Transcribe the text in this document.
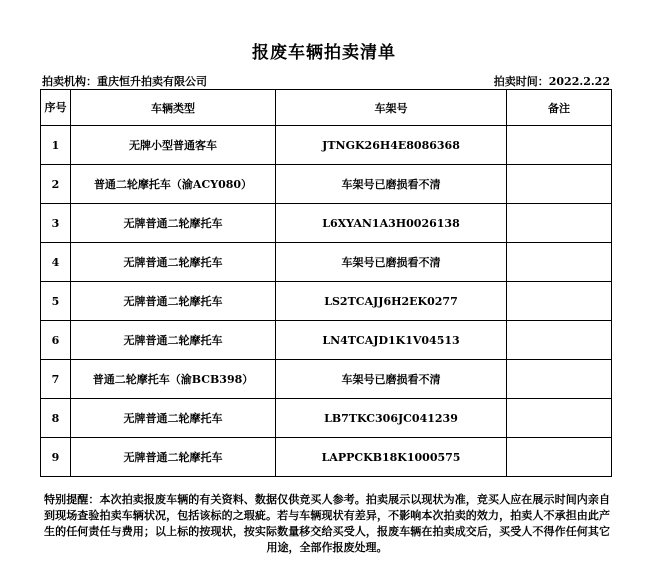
报废车辆拍卖清单
拍卖机构：重庆恒升拍卖有限公司	拍卖时间：2022.2.22
序号	车辆类型	车架号	备注
1	无牌小型普通客车	JTNGK26H4E8086368	
2	普通二轮摩托车（渝ACY080）	车架号已磨损看不清	
3	无牌普通二轮摩托车	L6XYAN1A3H0026138	
4	无牌普通二轮摩托车	车架号已磨损看不清	
5	无牌普通二轮摩托车	LS2TCAJJ6H2EK0277	
6	无牌普通二轮摩托车	LN4TCAJD1K1V04513	
7	普通二轮摩托车（渝BCB398）	车架号已磨损看不清	
8	无牌普通二轮摩托车	LB7TKC306JC041239	
9	无牌普通二轮摩托车	LAPPCKB18K1000575	
特别提醒：本次拍卖报废车辆的有关资料、数据仅供竞买人参考。拍卖展示以现状为准，竞买人应在展示时间内亲自到现场查验拍卖车辆状况，包括该标的之瑕疵。若与车辆现状有差异，不影响本次拍卖的效力，拍卖人不承担由此产生的任何责任与费用；以上标的按现状，按实际数量移交给买受人，报废车辆在拍卖成交后，买受人不得作任何其它用途，全部作报废处理。
